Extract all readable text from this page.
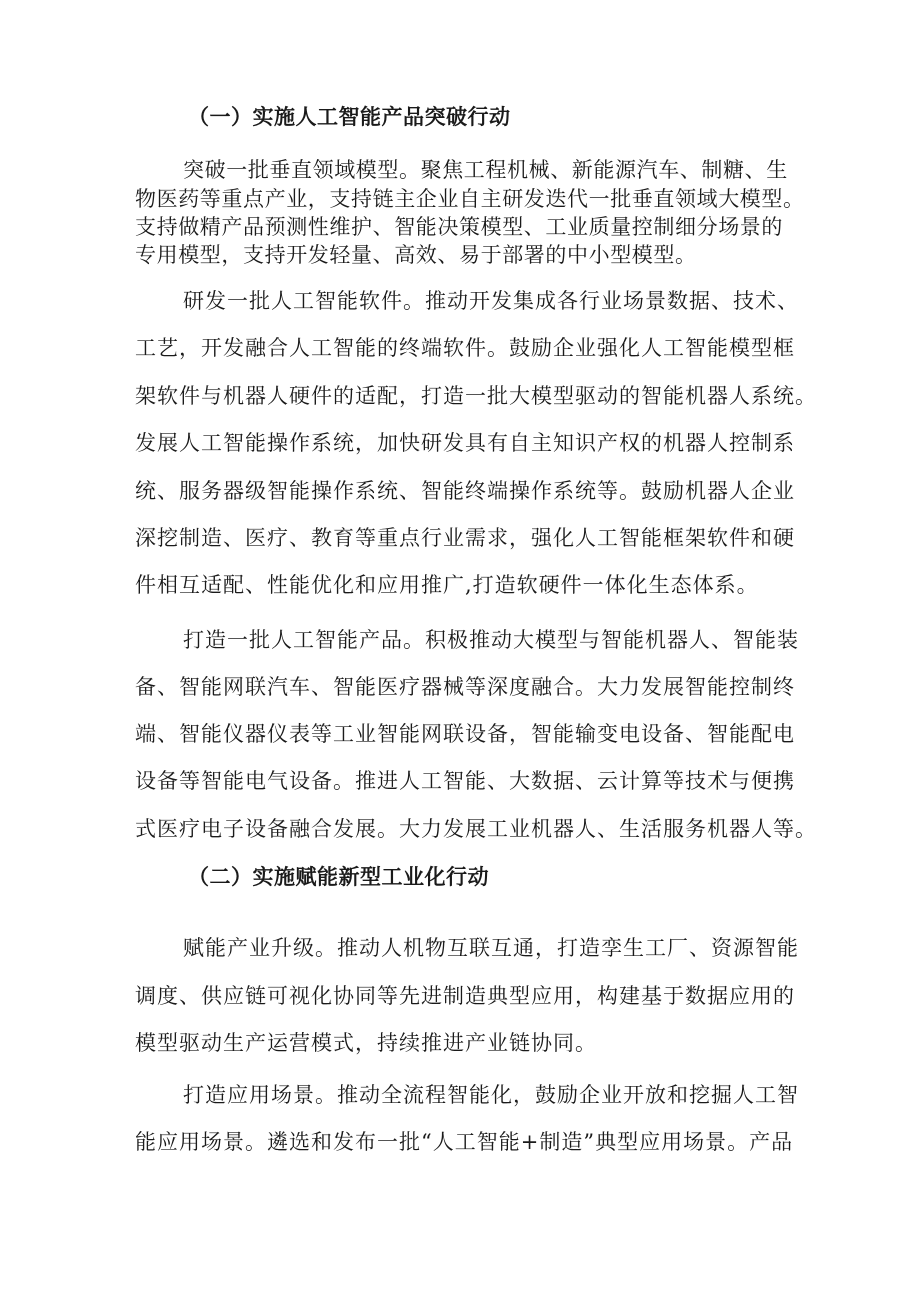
（一）实施人工智能产品突破行动
突破一批垂直领域模型。聚焦工程机械、新能源汽车、制糖、生
物医药等重点产业，支持链主企业自主研发迭代一批垂直领域大模型。
支持做精产品预测性维护、智能决策模型、工业质量控制细分场景的
专用模型，支持开发轻量、高效、易于部署的中小型模型。
研发一批人工智能软件。推动开发集成各行业场景数据、技术、
工艺，开发融合人工智能的终端软件。鼓励企业强化人工智能模型框
架软件与机器人硬件的适配，打造一批大模型驱动的智能机器人系统。
发展人工智能操作系统，加快研发具有自主知识产权的机器人控制系
统、服务器级智能操作系统、智能终端操作系统等。鼓励机器人企业
深挖制造、医疗、教育等重点行业需求，强化人工智能框架软件和硬
件相互适配、性能优化和应用推广,打造软硬件一体化生态体系。
打造一批人工智能产品。积极推动大模型与智能机器人、智能装
备、智能网联汽车、智能医疗器械等深度融合。大力发展智能控制终
端、智能仪器仪表等工业智能网联设备，智能输变电设备、智能配电
设备等智能电气设备。推进人工智能、大数据、云计算等技术与便携
式医疗电子设备融合发展。大力发展工业机器人、生活服务机器人等。
（二）实施赋能新型工业化行动
赋能产业升级。推动人机物互联互通，打造孪生工厂、资源智能
调度、供应链可视化协同等先进制造典型应用，构建基于数据应用的
模型驱动生产运营模式，持续推进产业链协同。
打造应用场景。推动全流程智能化，鼓励企业开放和挖掘人工智
能应用场景。遴选和发布一批“人工智能+制造”典型应用场景。产品
